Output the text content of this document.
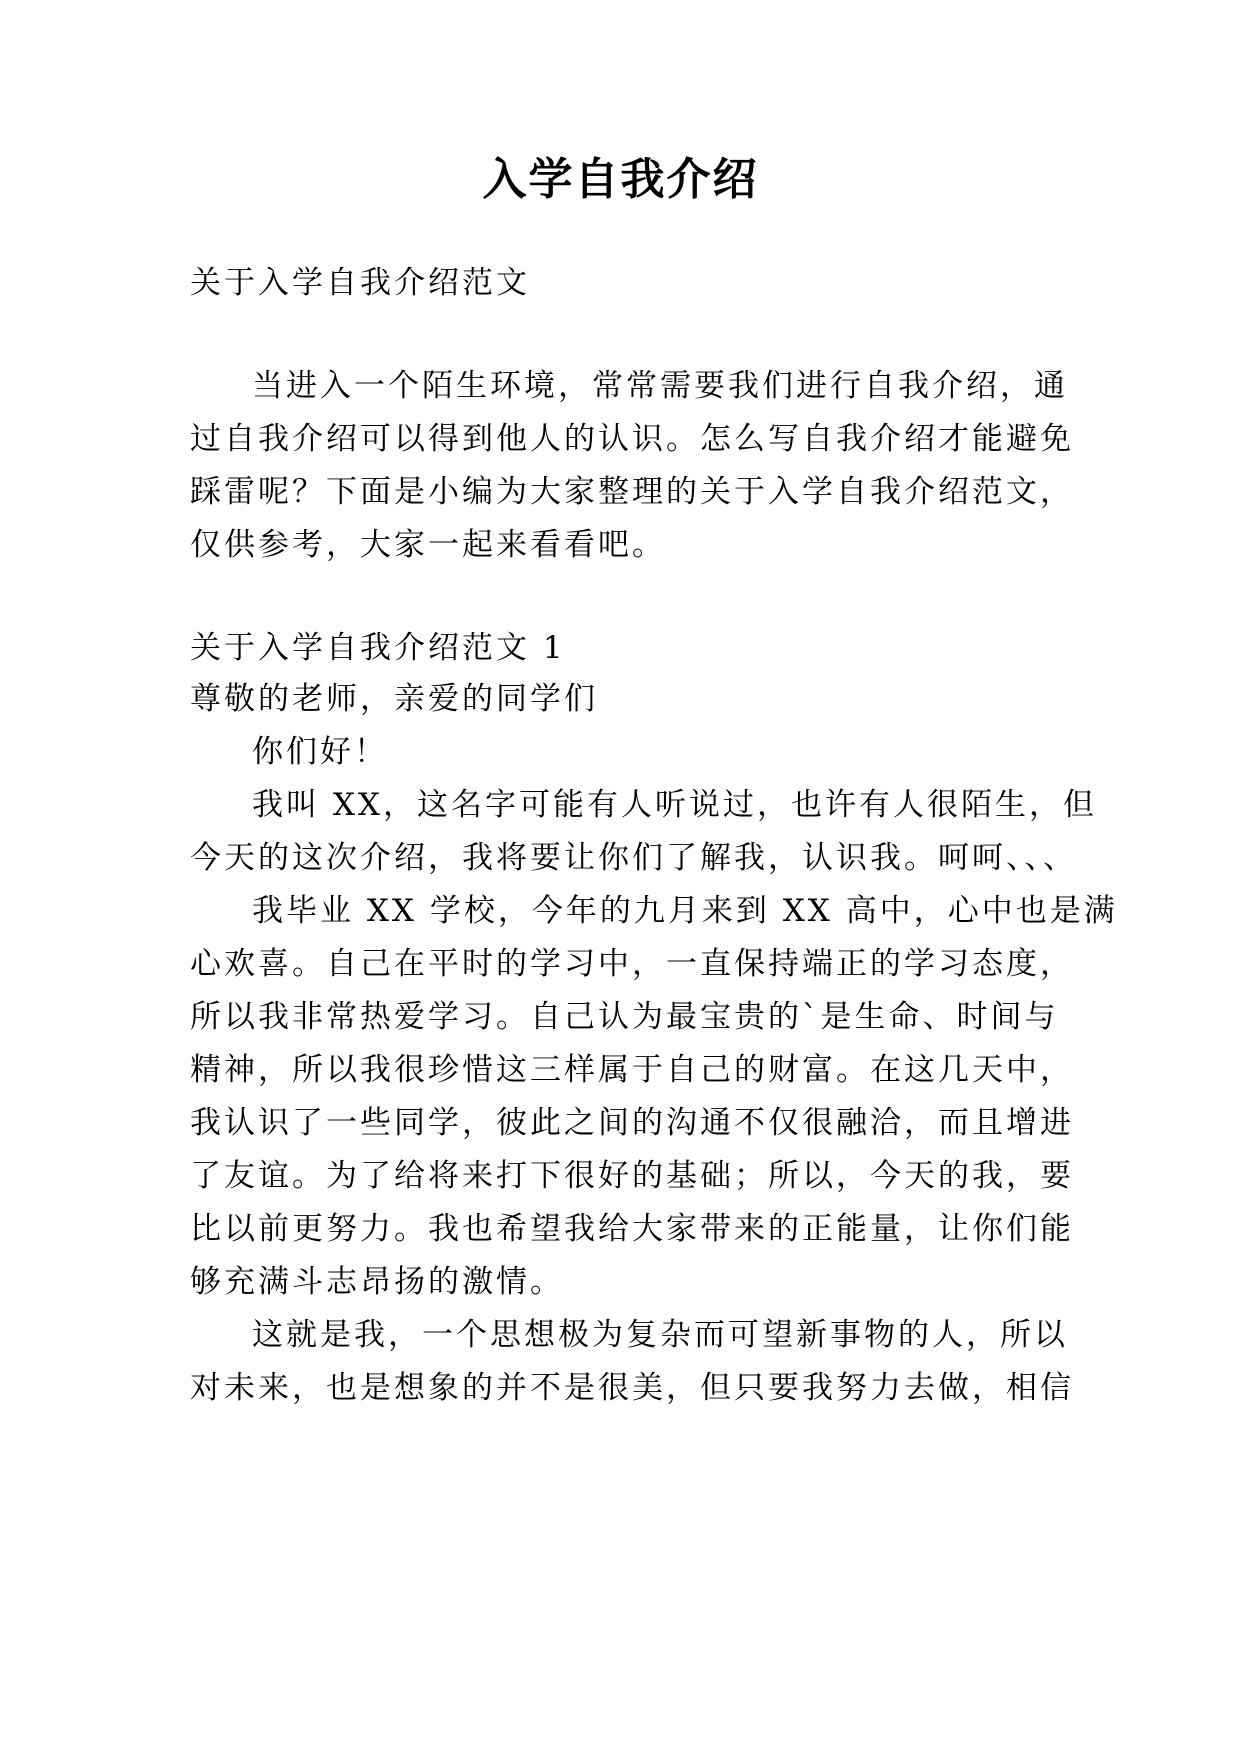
入学自我介绍
关于入学自我介绍范文
当进入一个陌生环境，常常需要我们进行自我介绍，通
过自我介绍可以得到他人的认识。怎么写自我介绍才能避免
踩雷呢？下面是小编为大家整理的关于入学自我介绍范文，
仅供参考，大家一起来看看吧。
关于入学自我介绍范文 1
尊敬的老师，亲爱的同学们
你们好！
我叫 XX，这名字可能有人听说过，也许有人很陌生，但
今天的这次介绍，我将要让你们了解我，认识我。呵呵、、、
我毕业 XX 学校，今年的九月来到 XX 高中，心中也是满
心欢喜。自己在平时的学习中，一直保持端正的学习态度，
所以我非常热爱学习。自己认为最宝贵的`是生命、时间与
精神，所以我很珍惜这三样属于自己的财富。在这几天中，
我认识了一些同学，彼此之间的沟通不仅很融洽，而且增进
了友谊。为了给将来打下很好的基础；所以，今天的我，要
比以前更努力。我也希望我给大家带来的正能量，让你们能
够充满斗志昂扬的激情。
这就是我，一个思想极为复杂而可望新事物的人，所以
对未来，也是想象的并不是很美，但只要我努力去做，相信
